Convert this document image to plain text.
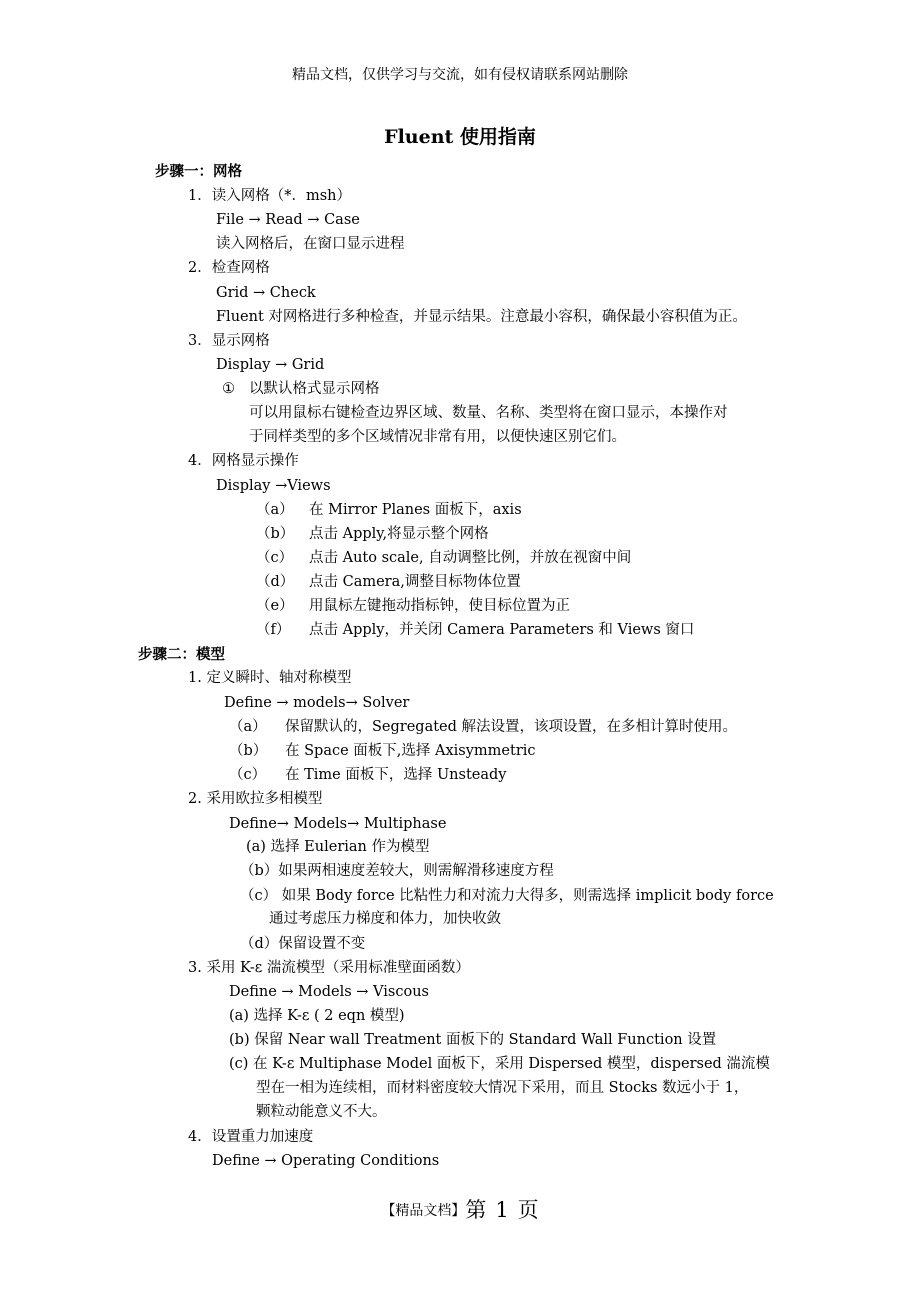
精品文档，仅供学习与交流，如有侵权请联系网站删除
Fluent 使用指南
步骤一：网格
1．读入网格（*．msh）
File → Read → Case
读入网格后，在窗口显示进程
2．检查网格
Grid → Check
Fluent 对网格进行多种检查，并显示结果。注意最小容积，确保最小容积值为正。
3．显示网格
Display → Grid
① 以默认格式显示网格
可以用鼠标右键检查边界区域、数量、名称、类型将在窗口显示，本操作对
于同样类型的多个区域情况非常有用，以便快速区别它们。
4．网格显示操作
Display →Views
（a） 在 Mirror Planes 面板下，axis
（b） 点击 Apply,将显示整个网格
（c） 点击 Auto scale, 自动调整比例，并放在视窗中间
（d） 点击 Camera,调整目标物体位置
（e） 用鼠标左键拖动指标钟，使目标位置为正
（f） 点击 Apply，并关闭 Camera Parameters 和 Views 窗口
步骤二：模型
1. 定义瞬时、轴对称模型
Define → models→ Solver
（a） 保留默认的，Segregated 解法设置，该项设置，在多相计算时使用。
（b） 在 Space 面板下,选择 Axisymmetric
（c） 在 Time 面板下，选择 Unsteady
2. 采用欧拉多相模型
Define→ Models→ Multiphase
(a) 选择 Eulerian 作为模型
（b）如果两相速度差较大，则需解滑移速度方程
（c） 如果 Body force 比粘性力和对流力大得多，则需选择 implicit body force
通过考虑压力梯度和体力，加快收敛
（d）保留设置不变
3. 采用 K-ε 湍流模型（采用标准壁面函数）
Define → Models → Viscous
(a) 选择 K-ε ( 2 eqn 模型)
(b) 保留 Near wall Treatment 面板下的 Standard Wall Function 设置
(c) 在 K-ε Multiphase Model 面板下，采用 Dispersed 模型，dispersed 湍流模
型在一相为连续相，而材料密度较大情况下采用，而且 Stocks 数远小于 1，
颗粒动能意义不大。
4．设置重力加速度
Define → Operating Conditions
【精品文档】第 1 页
